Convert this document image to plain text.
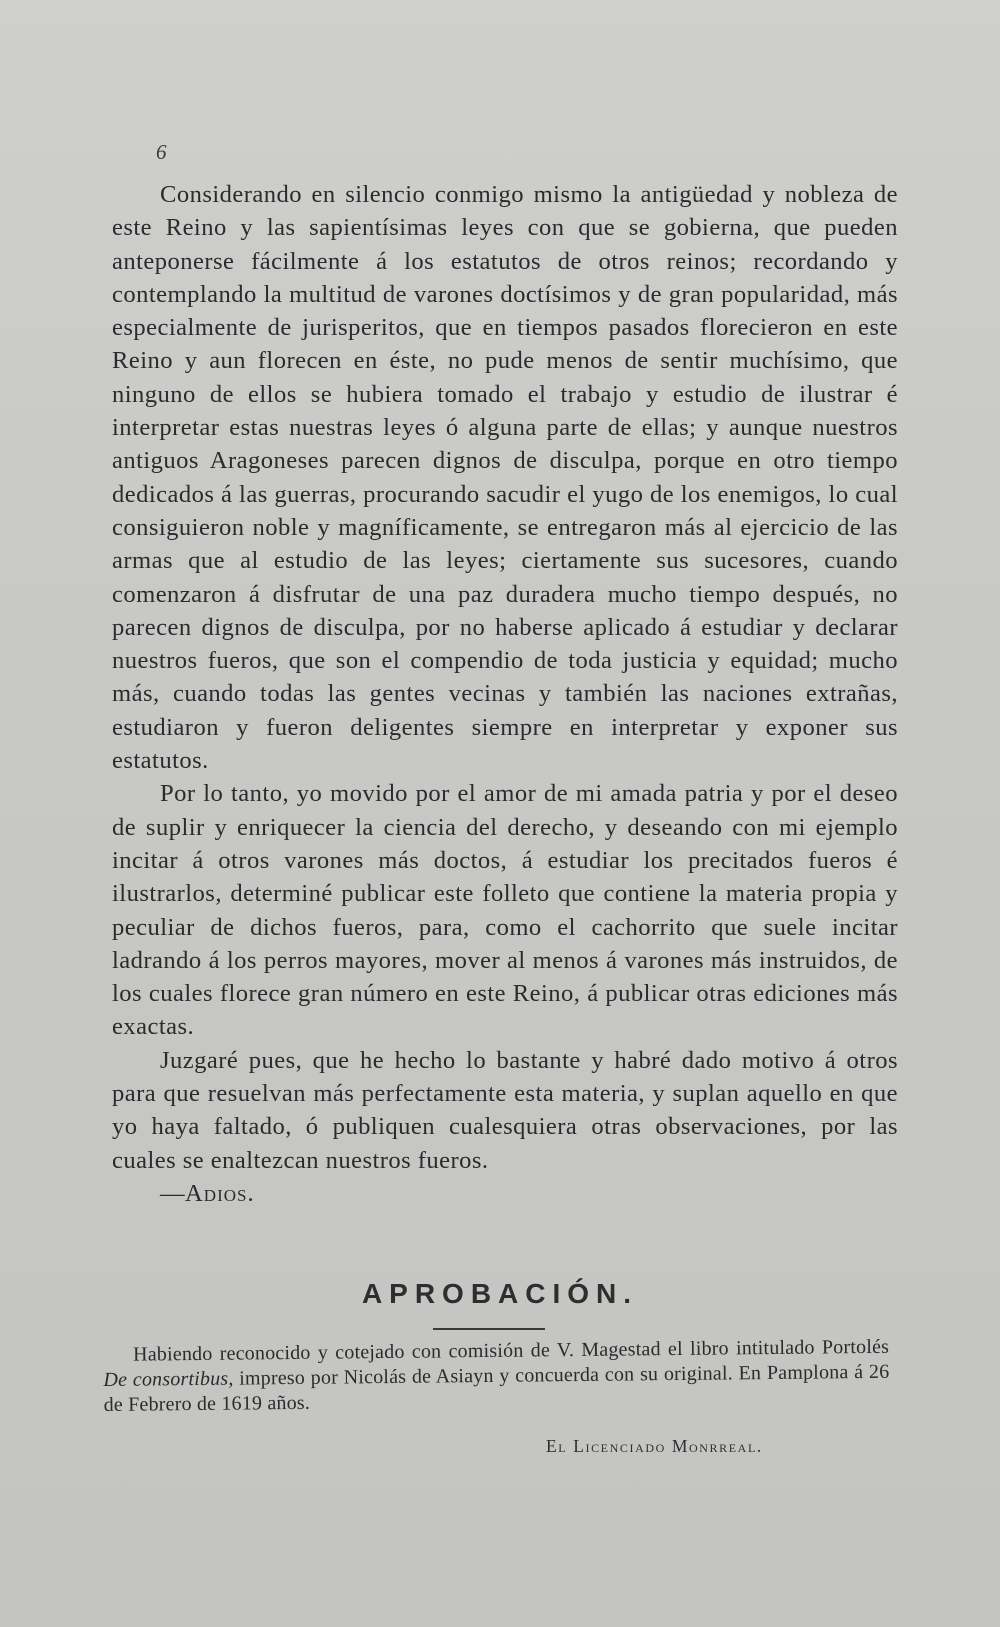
6

Considerando en silencio conmigo mismo la antigüedad y nobleza de este Reino y las sapientísimas leyes con que se gobierna, que pueden anteponerse fácilmente á los estatutos de otros reinos; recordando y contemplando la multitud de varones doctísimos y de gran popularidad, más especialmente de jurisperitos, que en tiempos pasados florecieron en este Reino y aun florecen en éste, no pude menos de sentir muchísimo, que ninguno de ellos se hubiera tomado el trabajo y estudio de ilustrar é interpretar estas nuestras leyes ó alguna parte de ellas; y aunque nuestros antiguos Aragoneses parecen dignos de disculpa, porque en otro tiempo dedicados á las guerras, procurando sacudir el yugo de los enemigos, lo cual consiguieron noble y magníficamente, se entregaron más al ejercicio de las armas que al estudio de las leyes; ciertamente sus sucesores, cuando comenzaron á disfrutar de una paz duradera mucho tiempo después, no parecen dignos de disculpa, por no haberse aplicado á estudiar y declarar nuestros fueros, que son el compendio de toda justicia y equidad; mucho más, cuando todas las gentes vecinas y también las naciones extrañas, estudiaron y fueron deligentes siempre en interpretar y exponer sus estatutos.

Por lo tanto, yo movido por el amor de mi amada patria y por el deseo de suplir y enriquecer la ciencia del derecho, y deseando con mi ejemplo incitar á otros varones más doctos, á estudiar los precitados fueros é ilustrarlos, determiné publicar este folleto que contiene la materia propia y peculiar de dichos fueros, para, como el cachorrito que suele incitar ladrando á los perros mayores, mover al menos á varones más instruidos, de los cuales florece gran número en este Reino, á publicar otras ediciones más exactas.

Juzgaré pues, que he hecho lo bastante y habré dado motivo á otros para que resuelvan más perfectamente esta materia, y suplan aquello en que yo haya faltado, ó publiquen cualesquiera otras observaciones, por las cuales se enaltezcan nuestros fueros.

—Adios.

APROBACIÓN.

Habiendo reconocido y cotejado con comisión de V. Magestad el libro intitulado Portolés De consortibus, impreso por Nicolás de Asiayn y concuerda con su original. En Pamplona á 26 de Febrero de 1619 años.

El Licenciado Monrreal.
